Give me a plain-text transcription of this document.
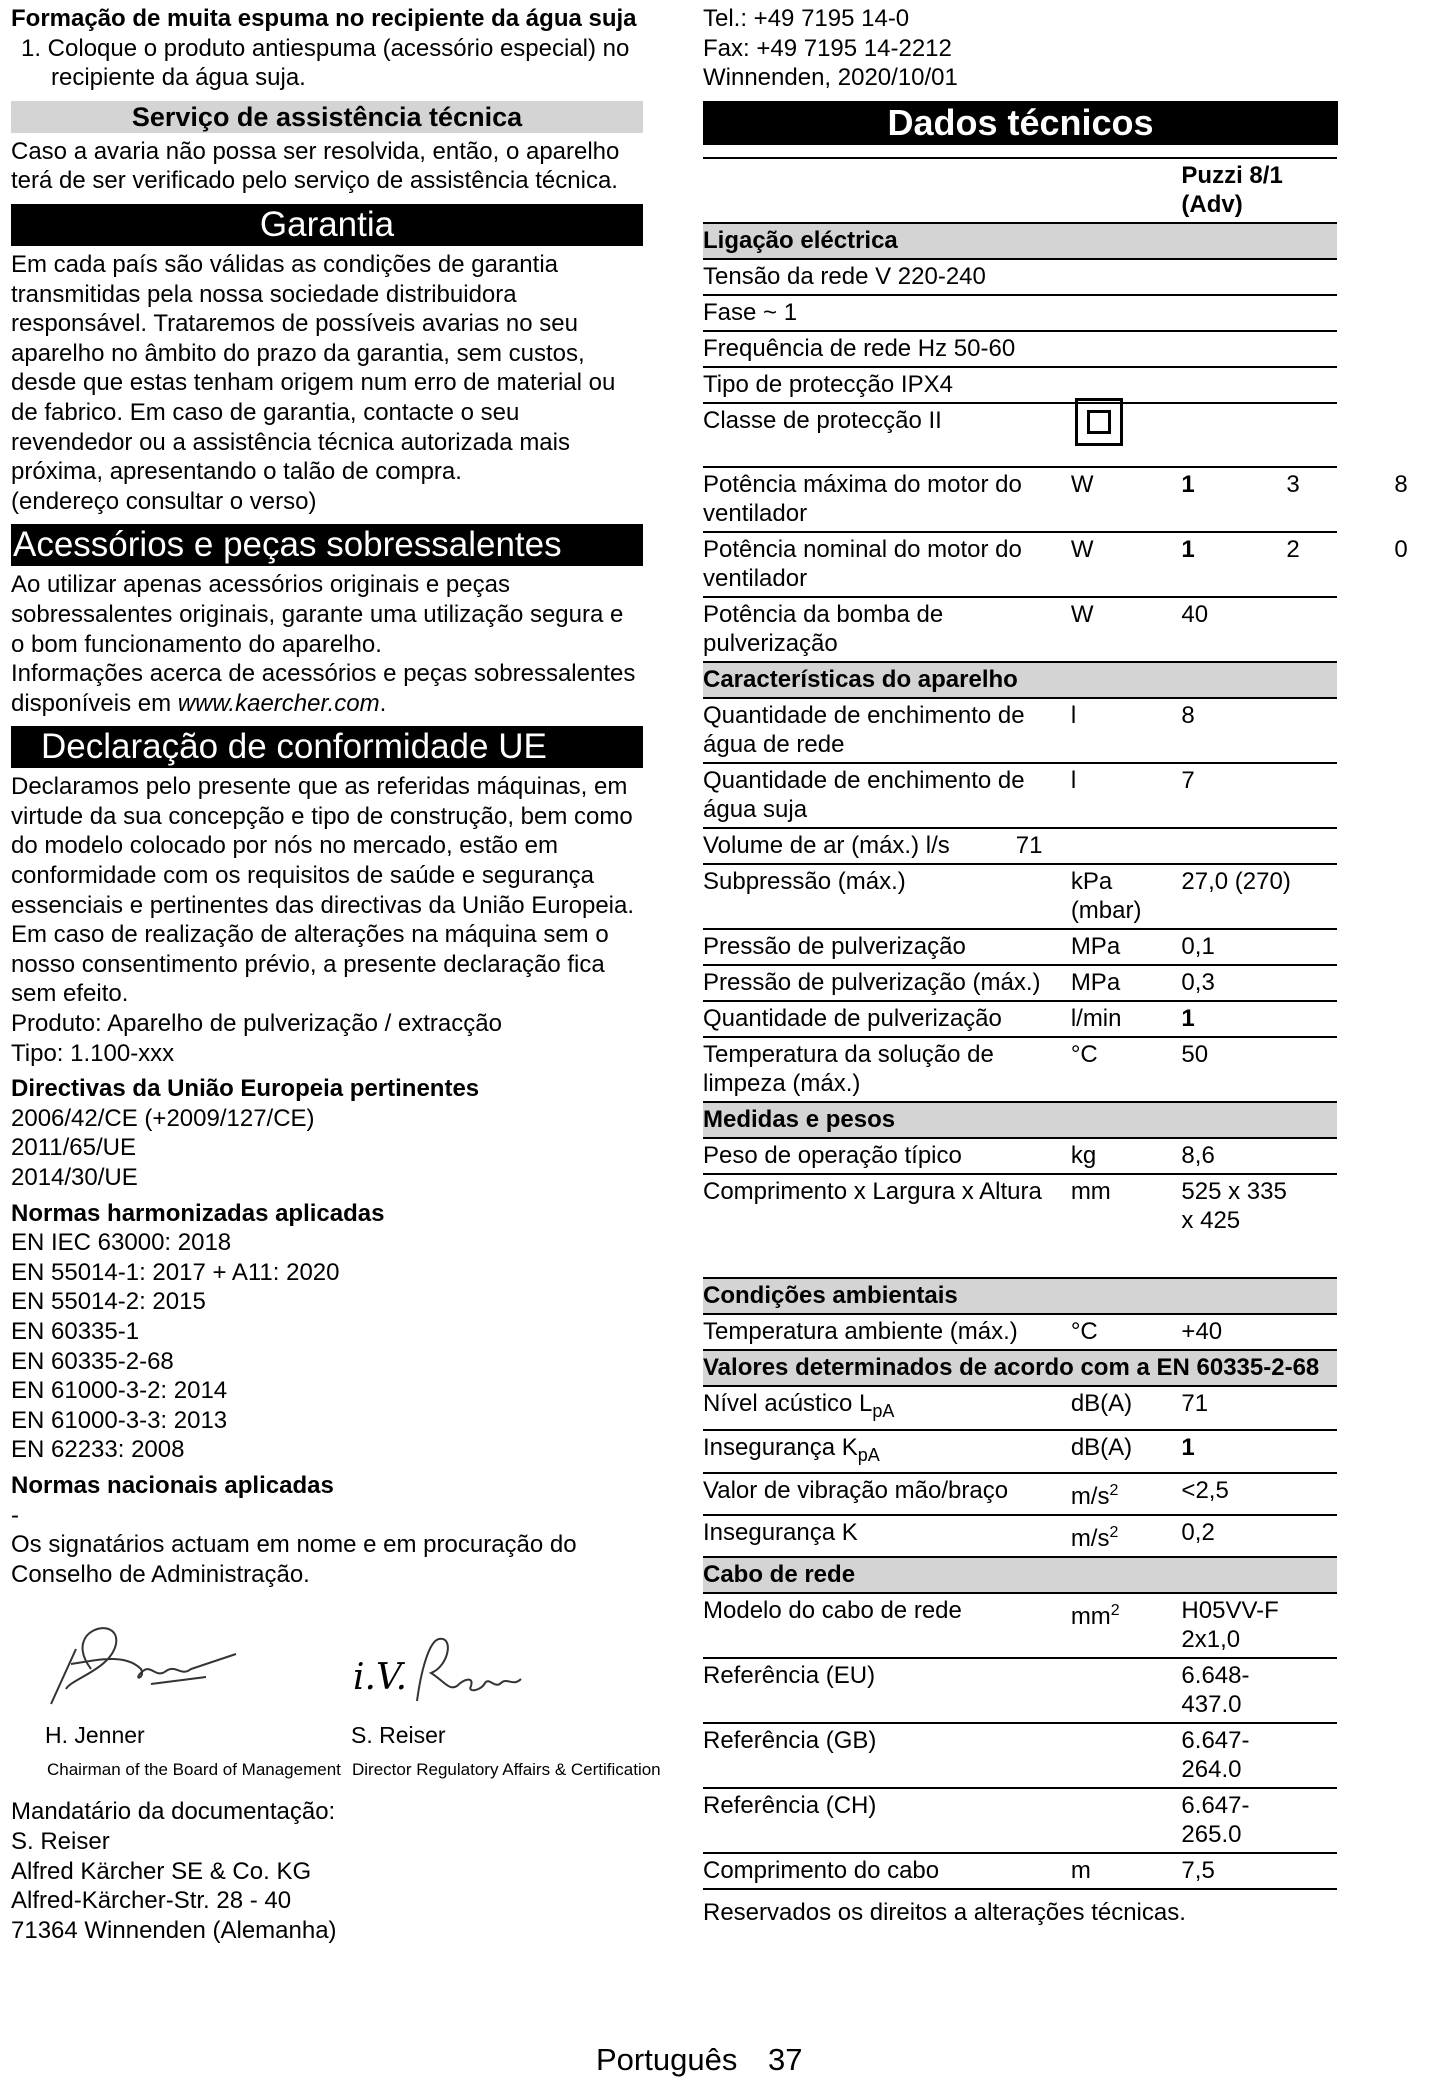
Formação de muita espuma no recipiente da água suja

1. Coloque o produto antiespuma (acessório especial) no recipiente da água suja.

Serviço de assistência técnica

Caso a avaria não possa ser resolvida, então, o aparelho terá de ser verificado pelo serviço de assistência técnica.

Garantia

Em cada país são válidas as condições de garantia transmitidas pela nossa sociedade distribuidora responsável. Trataremos de possíveis avarias no seu aparelho no âmbito do prazo da garantia, sem custos, desde que estas tenham origem num erro de material ou de fabrico. Em caso de garantia, contacte o seu revendedor ou a assistência técnica autorizada mais próxima, apresentando o talão de compra.

(endereço consultar o verso)

Acessórios e peças sobressalentes

Ao utilizar apenas acessórios originais e peças sobressalentes originais, garante uma utilização segura e o bom funcionamento do aparelho.

Informações acerca de acessórios e peças sobressalentes disponíveis em www.kaercher.com.

Declaração de conformidade UE

Declaramos pelo presente que as referidas máquinas, em virtude da sua concepção e tipo de construção, bem como do modelo colocado por nós no mercado, estão em conformidade com os requisitos de saúde e segurança essenciais e pertinentes das directivas da União Europeia. Em caso de realização de alterações na máquina sem o nosso consentimento prévio, a presente declaração fica sem efeito.

Produto: Aparelho de pulverização / extracção

Tipo: 1.100-xxx

Directivas da União Europeia pertinentes

2006/42/CE (+2009/127/CE)

2011/65/UE

2014/30/UE

Normas harmonizadas aplicadas

EN IEC 63000: 2018

EN 55014-1: 2017 + A11: 2020

EN 55014-2: 2015

EN 60335-1

EN 60335-2-68

EN 61000-3-2: 2014

EN 61000-3-3: 2013

EN 62233: 2008

Normas nacionais aplicadas

-

Os signatários actuam em nome e em procuração do Conselho de Administração.

H. Jenner
Chairman of the Board of Management
i.V.
S. Reiser
Director Regulatory Affairs & Certification

Mandatário da documentação:

S. Reiser

Alfred Kärcher SE & Co. KG

Alfred-Kärcher-Str. 28 - 40

71364 Winnenden (Alemanha)

Tel.: +49 7195 14-0

Fax: +49 7195 14-2212

Winnenden, 2020/10/01

Dados técnicos
		Puzzi 8/1 (Adv)
Ligação eléctrica		
Tensão da rede V 220-240		
Fase ~ 1		
Frequência de rede Hz 50-60		
Tipo de protecção IPX4		
Classe de protecção II	

Potência máxima do motor do ventilador	W	1 3 8

Potência nominal do motor do ventilador	W	1 2 0

Potência da bomba de pulverização	W	40
Características do aparelho		
Quantidade de enchimento de água de rede	l	8
Quantidade de enchimento de água suja	l	7
Volume de ar (máx.) l/s 71		
Subpressão (máx.)	kPa (mbar)	27,0 (270)
Pressão de pulverização	MPa	0,1
Pressão de pulverização (máx.)	MPa	0,3
Quantidade de pulverização	l/min	1
Temperatura da solução de limpeza (máx.)	°C	50
Medidas e pesos		
Peso de operação típico	kg	8,6
Comprimento x Largura x Altura	mm	525 x 335 x 425
Condições ambientais		
Temperatura ambiente (máx.)	°C	+40
Valores determinados de acordo com a EN 60335-2-68		
Nível acústico $L_{pA}$	dB(A)	71
Insegurança $K_{pA}$	dB(A)	1
Valor de vibração mão/braço	$m/s^2$	<2,5
Insegurança K	$m/s^2$	0,2
Cabo de rede		
Modelo do cabo de rede	$mm^2$	H05VV-F 2x1,0
Referência (EU)		6.648-437.0
Referência (GB)		6.647-264.0
Referência (CH)		6.647-265.0
Comprimento do cabo	m	7,5

Reservados os direitos a alterações técnicas.

Português 37
